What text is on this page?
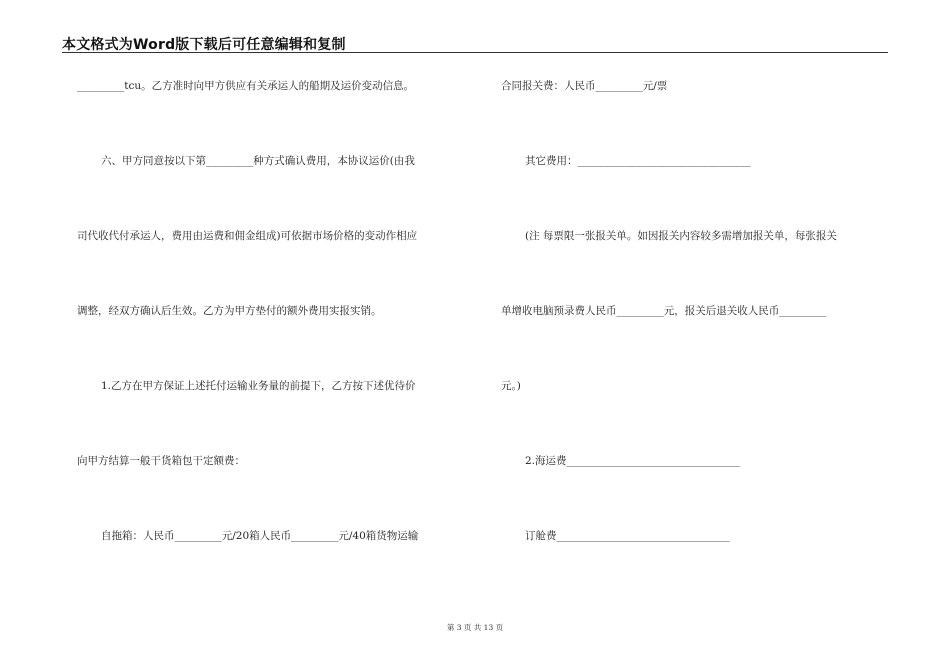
本文格式为Word版下载后可任意编辑和复制
_________tcu。乙方准时向甲方供应有关承运人的船期及运价变动信息。
六、甲方同意按以下第_________种方式确认费用，本协议运价(由我
司代收代付承运人，费用由运费和佣金组成)可依据市场价格的变动作相应
调整，经双方确认后生效。乙方为甲方垫付的额外费用实报实销。
1.乙方在甲方保证上述托付运输业务量的前提下，乙方按下述优待价
向甲方结算一般干货箱包干定额费：
自拖箱：人民币_________元/20箱人民币_________元/40箱货物运输
合同报关费：人民币_________元/票
其它费用：_________________________________
(注 每票限一张报关单。如因报关内容较多需增加报关单，每张报关
单增收电脑预录费人民币_________元，报关后退关收人民币_________
元。)
2.海运费_________________________________
订舱费_________________________________
第 3 页 共 13 页
